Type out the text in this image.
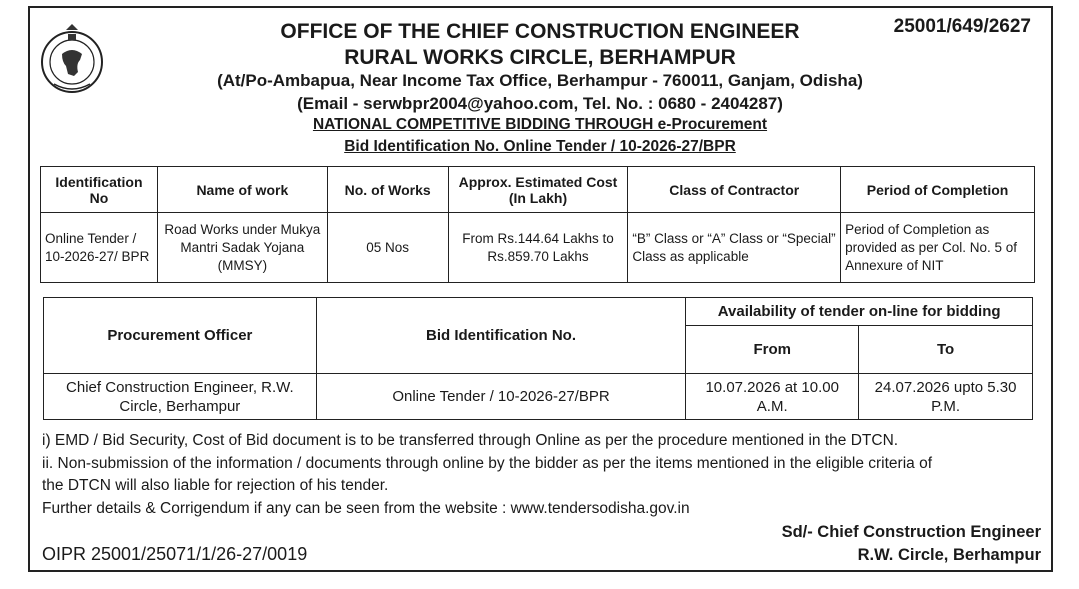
25001/649/2627
OFFICE OF THE CHIEF CONSTRUCTION ENGINEER
RURAL WORKS CIRCLE, BERHAMPUR
(At/Po-Ambapua, Near Income Tax Office, Berhampur - 760011, Ganjam, Odisha)
(Email - serwbpr2004@yahoo.com, Tel. No. : 0680 - 2404287)
NATIONAL COMPETITIVE BIDDING THROUGH e-Procurement
Bid Identification No. Online Tender / 10-2026-27/BPR
Identification No	Name of work	No. of Works	Approx. Estimated Cost (In Lakh)	Class of Contractor	Period of Completion
Online Tender / 10-2026-27/ BPR	Road Works under Mukya Mantri Sadak Yojana (MMSY)	05 Nos	From Rs.144.64 Lakhs to Rs.859.70 Lakhs	“B” Class or “A” Class or “Special” Class as applicable	Period of Completion as provided as per Col. No. 5 of Annexure of NIT
Procurement Officer	Bid Identification No.	Availability of tender on-line for bidding	
		From	To
Chief Construction Engineer, R.W. Circle, Berhampur	Online Tender / 10-2026-27/BPR	10.07.2026 at 10.00 A.M.	24.07.2026 upto 5.30 P.M.
i) EMD / Bid Security, Cost of Bid document is to be transferred through Online as per the procedure mentioned in the DTCN.
ii. Non-submission of the information / documents through online by the bidder as per the items mentioned in the eligible criteria of
the DTCN will also liable for rejection of his tender.
Further details & Corrigendum if any can be seen from the website : www.tendersodisha.gov.in
Sd/- Chief Construction Engineer
R.W. Circle, Berhampur
OIPR 25001/25071/1/26-27/0019
